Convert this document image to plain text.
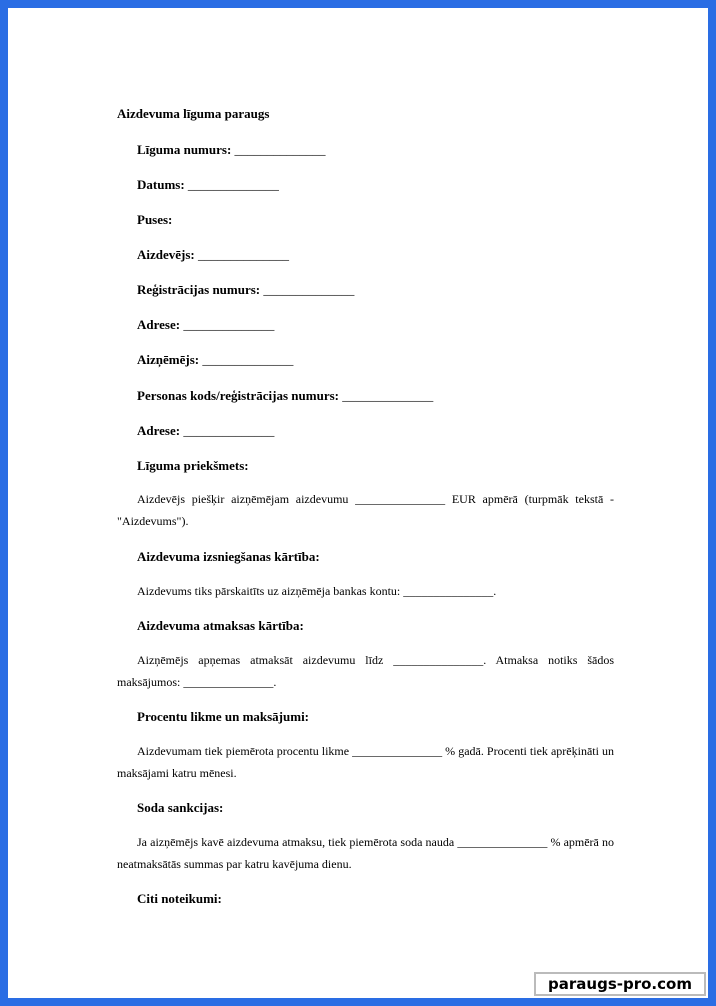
Aizdevuma līguma paraugs
Līguma numurs: ______________
Datums: ______________
Puses:
Aizdevējs: ______________
Reģistrācijas numurs: ______________
Adrese: ______________
Aizņēmējs: ______________
Personas kods/reģistrācijas numurs: ______________
Adrese: ______________
Līguma priekšmets:
Aizdevējs piešķir aizņēmējam aizdevumu _______________ EUR apmērā (turpmāk tekstā - "Aizdevums").
Aizdevuma izsniegšanas kārtība:
Aizdevums tiks pārskaitīts uz aizņēmēja bankas kontu: _______________.
Aizdevuma atmaksas kārtība:
Aizņēmējs apņemas atmaksāt aizdevumu līdz _______________. Atmaksa notiks šādos maksājumos: _______________.
Procentu likme un maksājumi:
Aizdevumam tiek piemērota procentu likme _______________ % gadā. Procenti tiek aprēķināti un maksājami katru mēnesi.
Soda sankcijas:
Ja aizņēmējs kavē aizdevuma atmaksu, tiek piemērota soda nauda _______________ % apmērā no neatmaksātās summas par katru kavējuma dienu.
Citi noteikumi:
paraugs-pro.com
